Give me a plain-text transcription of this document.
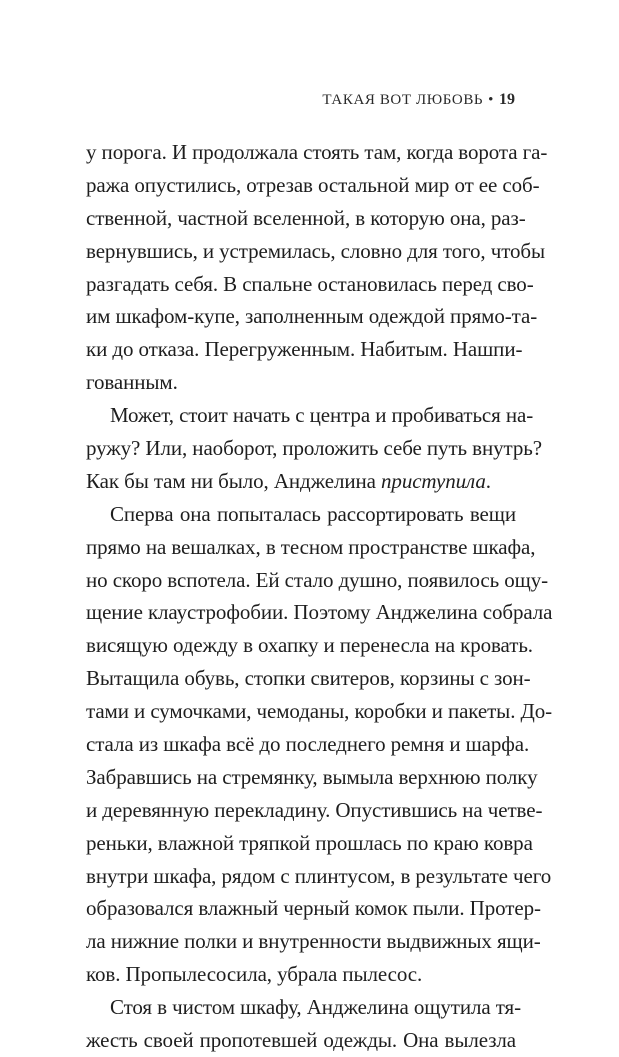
ТАКАЯ ВОТ ЛЮБОВЬ • 19
у порога. И продолжала стоять там, когда ворота га-
ража опустились, отрезав остальной мир от ее соб-
ственной, частной вселенной, в которую она, раз-
вернувшись, и устремилась, словно для того, чтобы
разгадать себя. В спальне остановилась перед сво-
им шкафом-купе, заполненным одеждой прямо-та-
ки до отказа. Перегруженным. Набитым. Нашпи-
гованным.
Может, стоит начать с центра и пробиваться на-
ружу? Или, наоборот, проложить себе путь внутрь?
Как бы там ни было, Анджелина приступила.
Сперва она попыталась рассортировать вещи
прямо на вешалках, в тесном пространстве шкафа,
но скоро вспотела. Ей стало душно, появилось ощу-
щение клаустрофобии. Поэтому Анджелина собрала
висящую одежду в охапку и перенесла на кровать.
Вытащила обувь, стопки свитеров, корзины с зон-
тами и сумочками, чемоданы, коробки и пакеты. До-
стала из шкафа всё до последнего ремня и шарфа.
Забравшись на стремянку, вымыла верхнюю полку
и деревянную перекладину. Опустившись на четве-
реньки, влажной тряпкой прошлась по краю ковра
внутри шкафа, рядом с плинтусом, в результате чего
образовался влажный черный комок пыли. Протер-
ла нижние полки и внутренности выдвижных ящи-
ков. Пропылесосила, убрала пылесос.
Стоя в чистом шкафу, Анджелина ощутила тя-
жесть своей пропотевшей одежды. Она вылезла
